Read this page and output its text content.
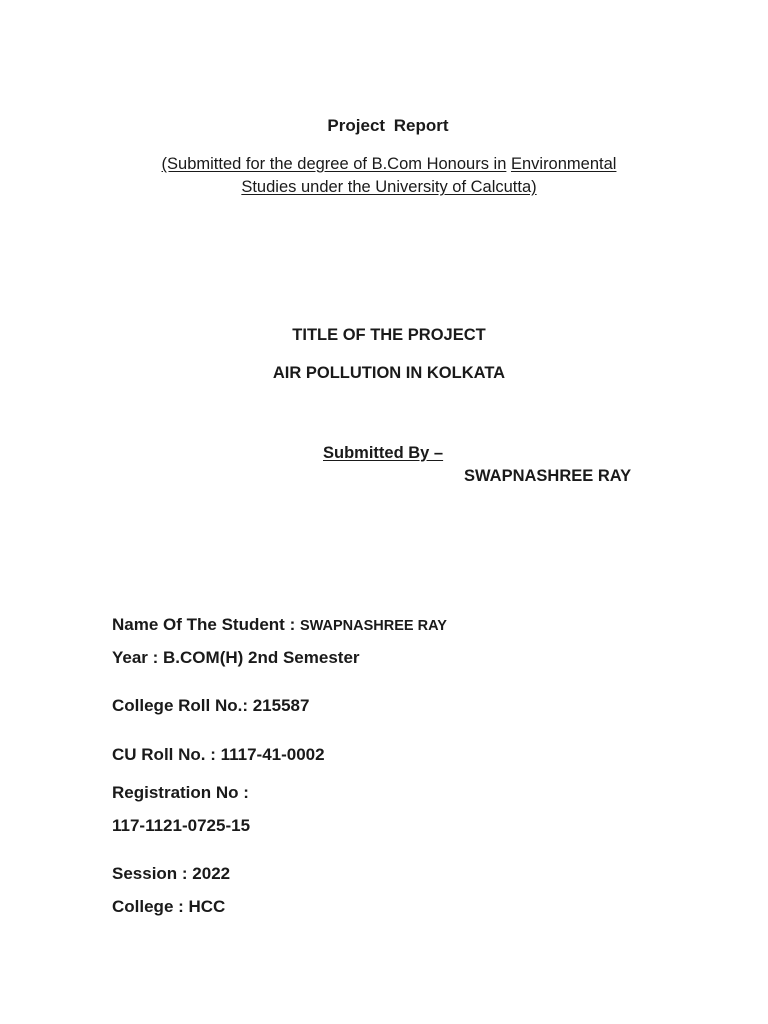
Project Report
(Submitted for the degree of B.Com Honours in Environmental
Studies under the University of Calcutta)
TITLE OF THE PROJECT
AIR POLLUTION IN KOLKATA
Submitted By –
SWAPNASHREE RAY
Name Of The Student : SWAPNASHREE RAY
Year : B.COM(H) 2nd Semester
College Roll No.: 215587
CU Roll No. : 1117-41-0002
Registration No :
117-1121-0725-15
Session : 2022
College : HCC
